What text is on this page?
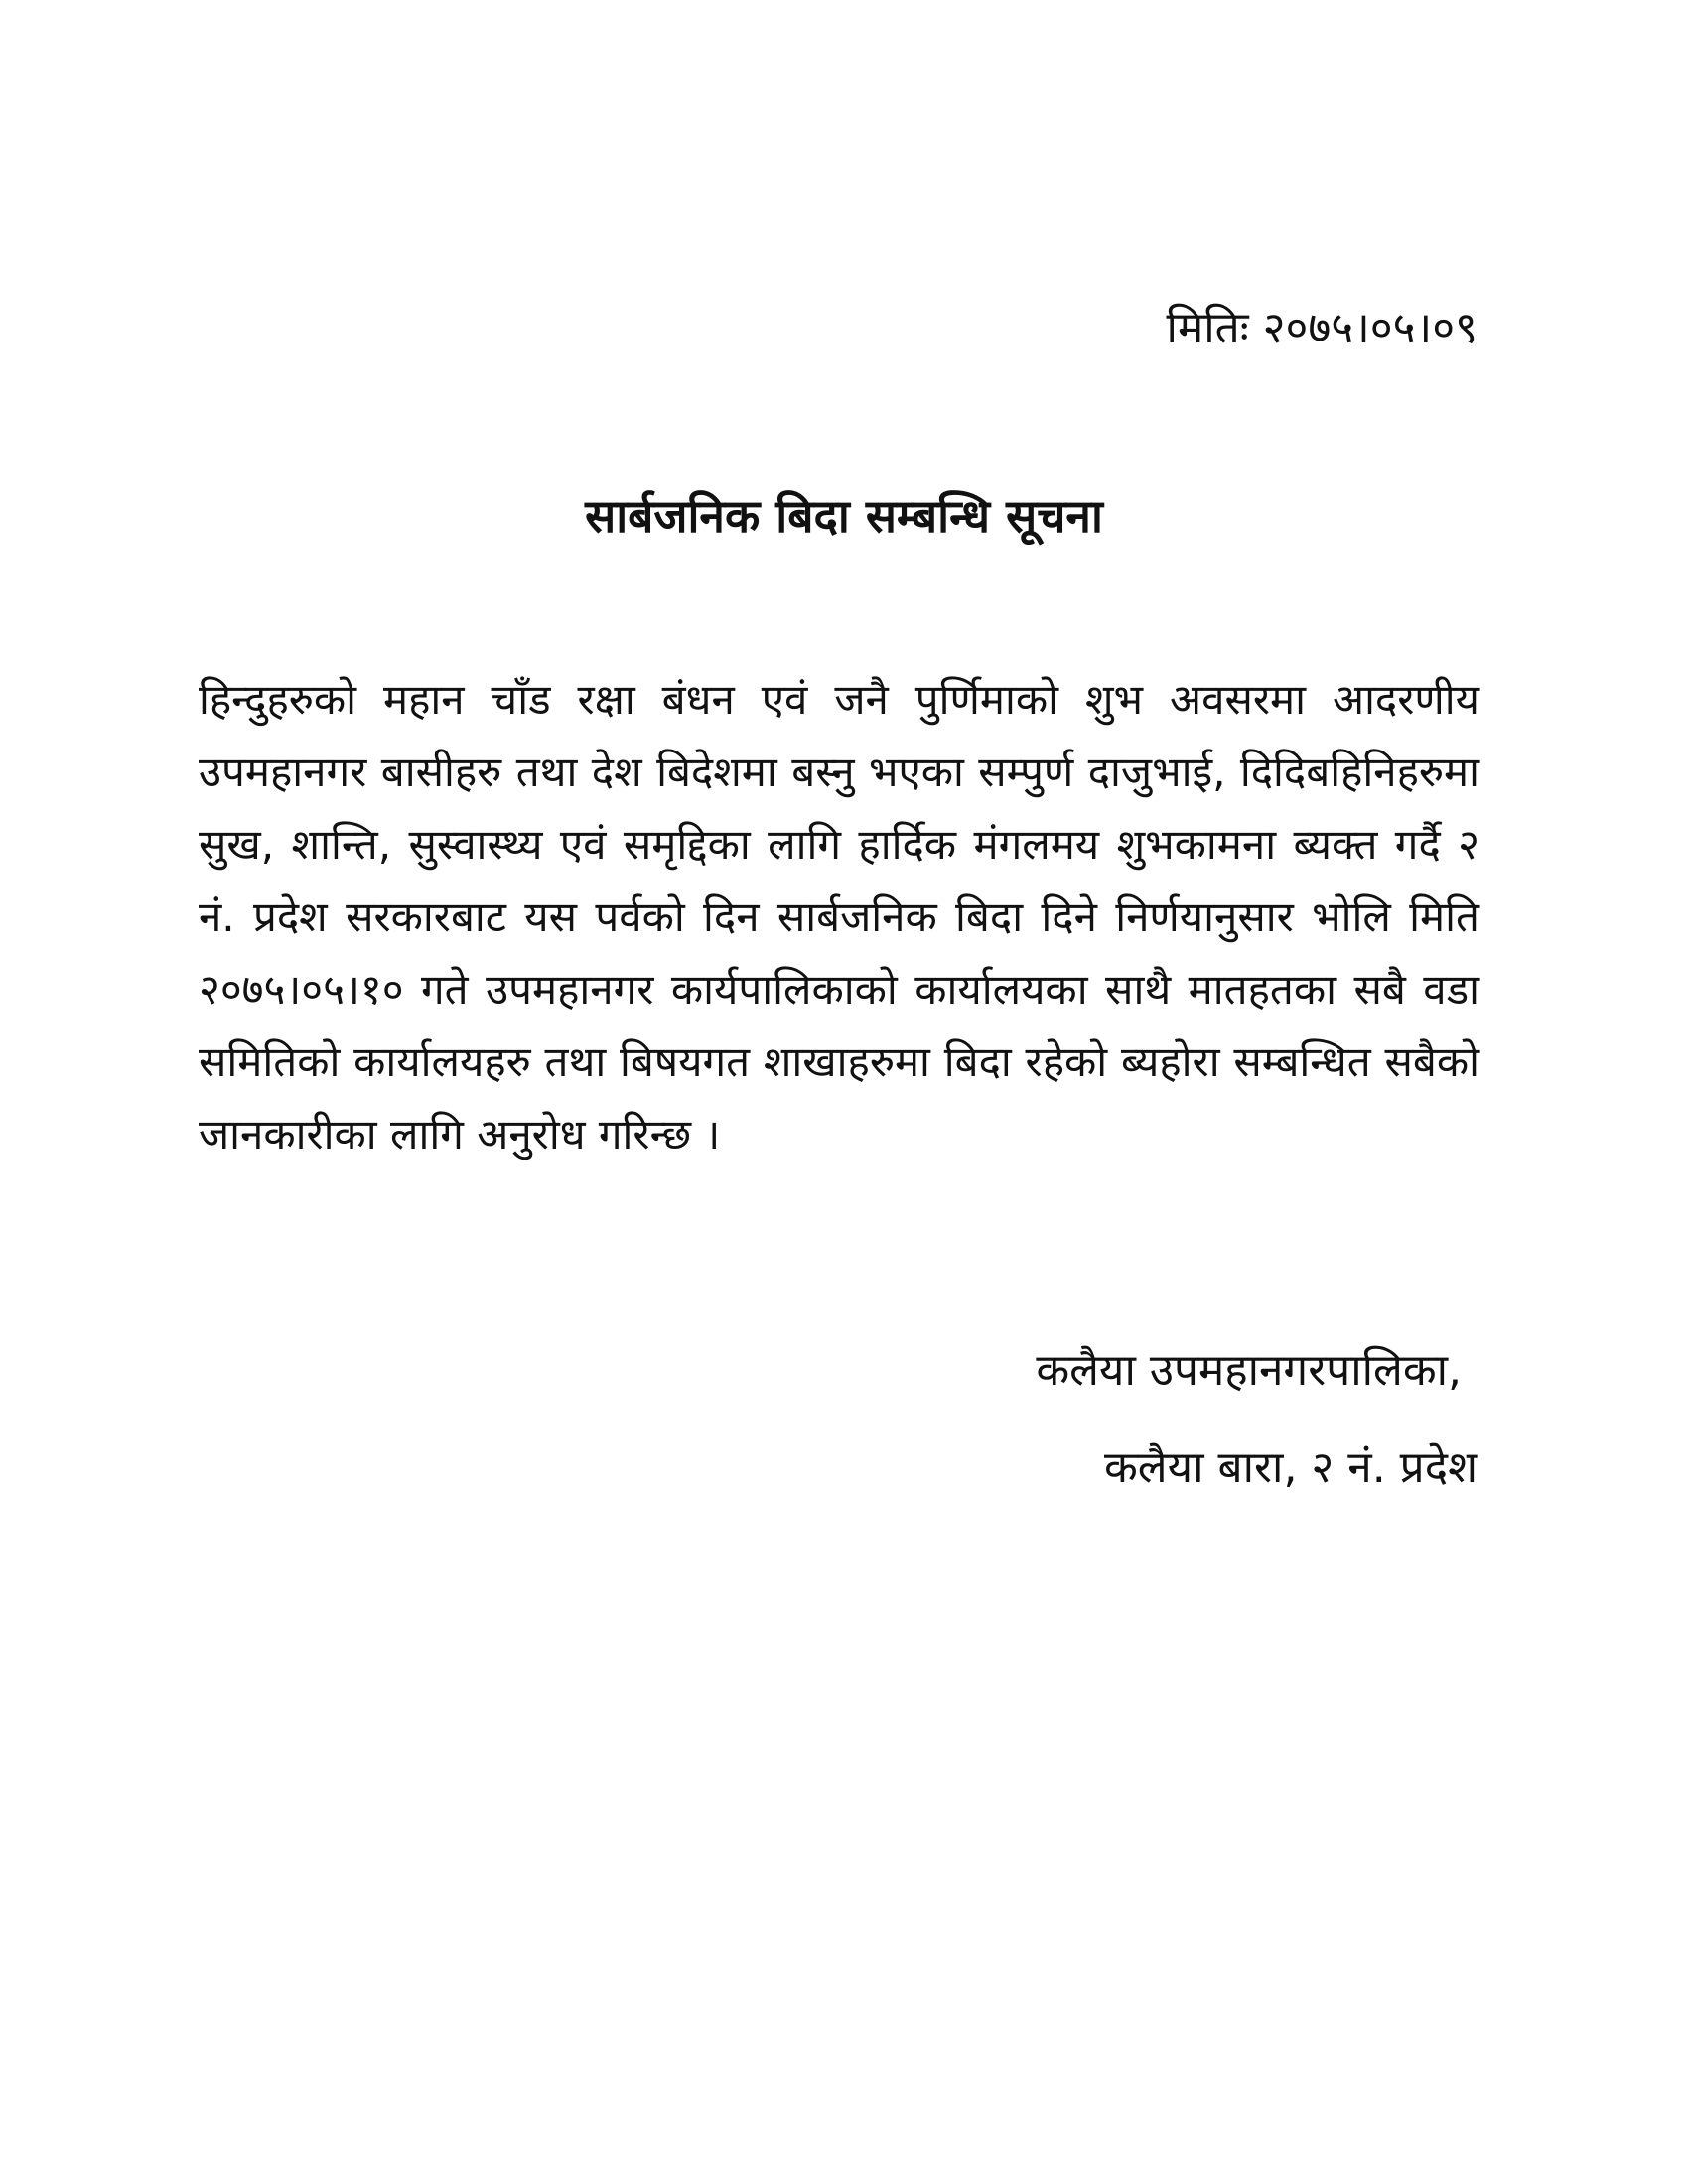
मितिः २०७५।०५।०९
सार्बजनिक बिदा सम्बन्धि सूचना
हिन्दुहरुको महान चाँड रक्षा बंधन एवं जनै पुर्णिमाको शुभ अवसरमा आदरणीय उपमहानगर बासीहरु तथा देश बिदेशमा बस्नु भएका सम्पुर्ण दाजुभाई, दिदिबहिनिहरुमा सुख, शान्ति, सुस्वास्थ्य एवं समृद्दिका लागि हार्दिक मंगलमय शुभकामना ब्यक्त गर्दै २ नं. प्रदेश सरकारबाट यस पर्वको दिन सार्बजनिक बिदा दिने निर्णयानुसार भोलि मिति २०७५।०५।१० गते उपमहानगर कार्यपालिकाको कार्यालयका साथै मातहतका सबै वडा समितिको कार्यालयहरु तथा बिषयगत शाखाहरुमा बिदा रहेको ब्यहोरा सम्बन्धित सबैको जानकारीका लागि अनुरोध गरिन्छ ।
कलैया उपमहानगरपालिका,
कलैया बारा, २ नं. प्रदेश
